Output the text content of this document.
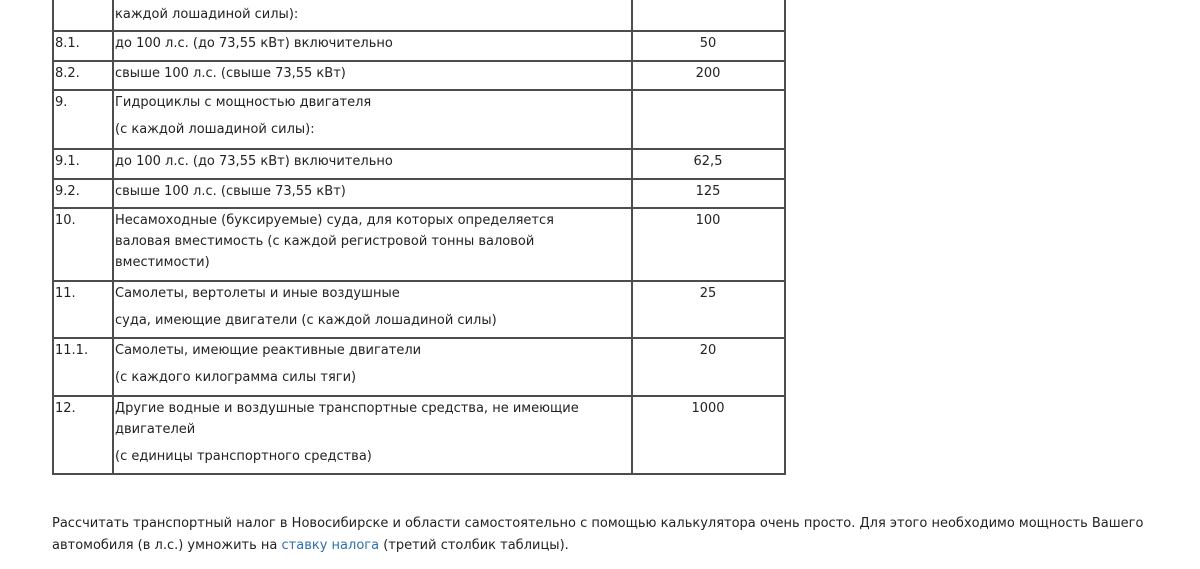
	каждой лошадиной силы):	

8.1.	до 100 л.с. (до 73,55 кВт) включительно	50

8.2.	свыше 100 л.с. (свыше 73,55 кВт)	200

9.	Гидроциклы с мощностью двигателя
(с каждой лошадиной силы):	

9.1.	до 100 л.с. (до 73,55 кВт) включительно	62,5

9.2.	свыше 100 л.с. (свыше 73,55 кВт)	125

10.	Несамоходные (буксируемые) суда, для которых определяется
валовая вместимость (с каждой регистровой тонны валовой
вместимости)	100

11.	Самолеты, вертолеты и иные воздушные
суда, имеющие двигатели (с каждой лошадиной силы)	25

11.1.	Самолеты, имеющие реактивные двигатели
(с каждого килограмма силы тяги)	20

12.	Другие водные и воздушные транспортные средства, не имеющие
двигателей
(с единицы транспортного средства)	1000

Рассчитать транспортный налог в Новосибирске и области самостоятельно с помощью калькулятора очень просто. Для этого необходимо мощность Вашего автомобиля (в л.с.) умножить на ставку налога (третий столбик таблицы).
